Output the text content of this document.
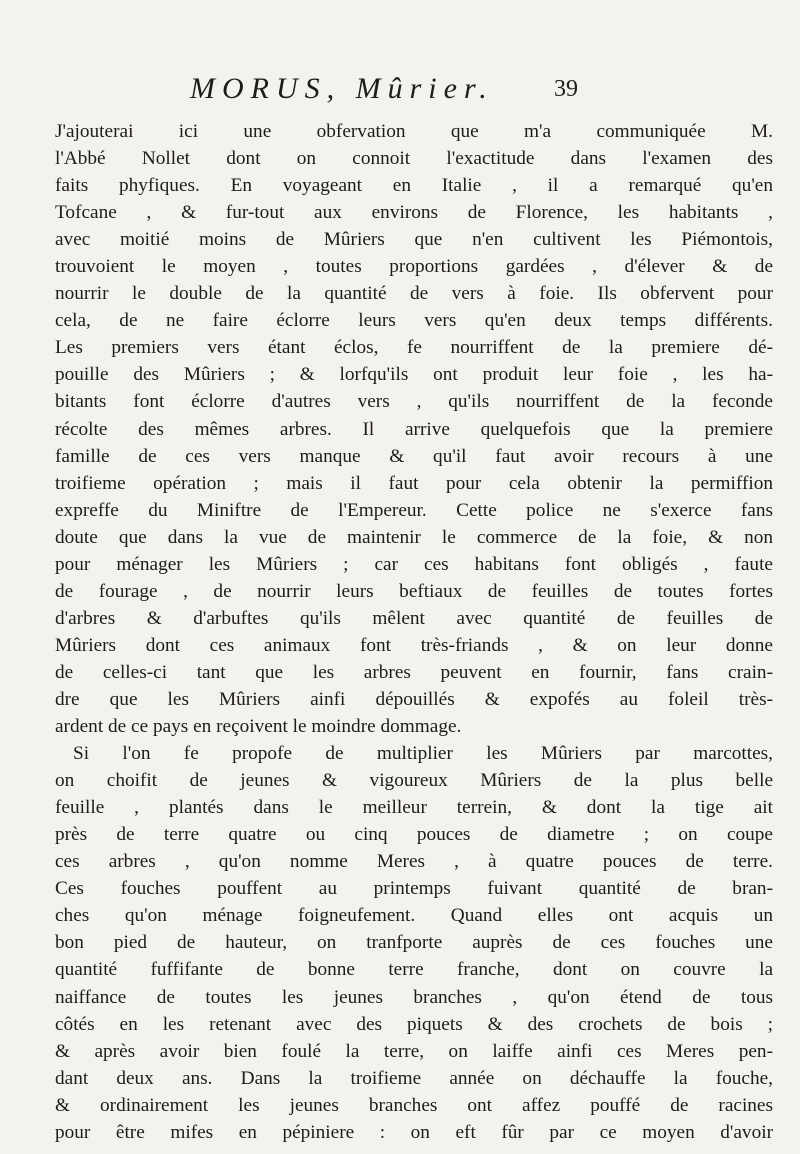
MORUS, Mûrier.	39
J'ajouterai ici une obfervation que m'a communiquée M.
l'Abbé Nollet dont on connoit l'exactitude dans l'examen des
faits phyfiques. En voyageant en Italie , il a remarqué qu'en
Tofcane , & fur-tout aux environs de Florence, les habitants ,
avec moitié moins de Mûriers que n'en cultivent les Piémontois,
trouvoient le moyen , toutes proportions gardées , d'élever & de
nourrir le double de la quantité de vers à foie. Ils obfervent pour
cela, de ne faire éclorre leurs vers qu'en deux temps différents.
Les premiers vers étant éclos, fe nourriffent de la premiere dé-
pouille des Mûriers ; & lorfqu'ils ont produit leur foie , les ha-
bitants font éclorre d'autres vers , qu'ils nourriffent de la feconde
récolte des mêmes arbres. Il arrive quelquefois que la premiere
famille de ces vers manque & qu'il faut avoir recours à une
troifieme opération ; mais il faut pour cela obtenir la permiffion
expreffe du Miniftre de l'Empereur. Cette police ne s'exerce fans
doute que dans la vue de maintenir le commerce de la foie, & non
pour ménager les Mûriers ; car ces habitans font obligés , faute
de fourage , de nourrir leurs beftiaux de feuilles de toutes fortes
d'arbres & d'arbuftes qu'ils mêlent avec quantité de feuilles de
Mûriers dont ces animaux font très-friands , & on leur donne
de celles-ci tant que les arbres peuvent en fournir, fans crain-
dre que les Mûriers ainfi dépouillés & expofés au foleil très-
ardent de ce pays en reçoivent le moindre dommage.
Si l'on fe propofe de multiplier les Mûriers par marcottes,
on choifit de jeunes & vigoureux Mûriers de la plus belle
feuille , plantés dans le meilleur terrein, & dont la tige ait
près de terre quatre ou cinq pouces de diametre ; on coupe
ces arbres , qu'on nomme Meres , à quatre pouces de terre.
Ces fouches pouffent au printemps fuivant quantité de bran-
ches qu'on ménage foigneufement. Quand elles ont acquis un
bon pied de hauteur, on tranfporte auprès de ces fouches une
quantité fuffifante de bonne terre franche, dont on couvre la
naiffance de toutes les jeunes branches , qu'on étend de tous
côtés en les retenant avec des piquets & des crochets de bois ;
& après avoir bien foulé la terre, on laiffe ainfi ces Meres pen-
dant deux ans. Dans la troifieme année on déchauffe la fouche,
& ordinairement les jeunes branches ont affez pouffé de racines
pour être mifes en pépiniere : on eft fûr par ce moyen d'avoir
